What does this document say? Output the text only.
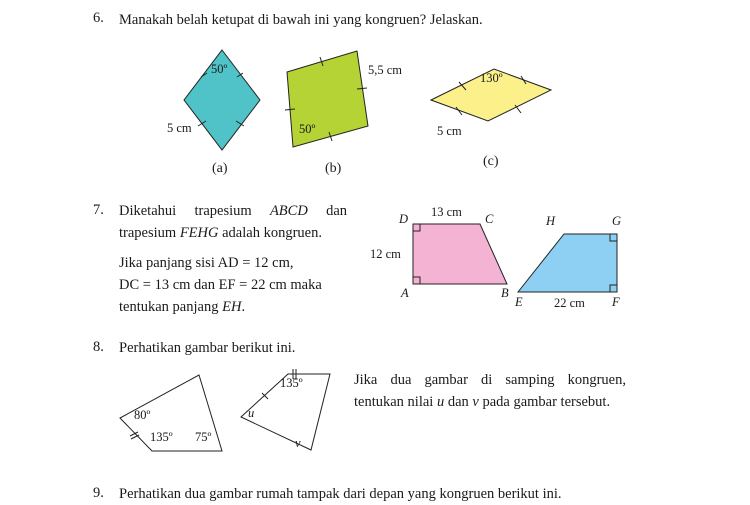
6. Manakah belah ketupat di bawah ini yang kongruen? Jelaskan.
50º
5 cm
(a)
5,5 cm
50º
(b)
130º
5 cm
(c)
7. Diketahui trapesium ABCD dan
trapesium FEHG adalah kongruen.
Jika panjang sisi AD = 12 cm,
DC = 13 cm dan EF = 22 cm maka
tentukan panjang EH.
13 cm
D	C
12 cm
A	B
H	G
E	22 cm F
8. Perhatikan gambar berikut ini.
80º
135º 75º
135º
u
v
Jika dua gambar di samping kongruen,
tentukan nilai u dan v pada gambar tersebut.
9. Perhatikan dua gambar rumah tampak dari depan yang kongruen berikut ini.
